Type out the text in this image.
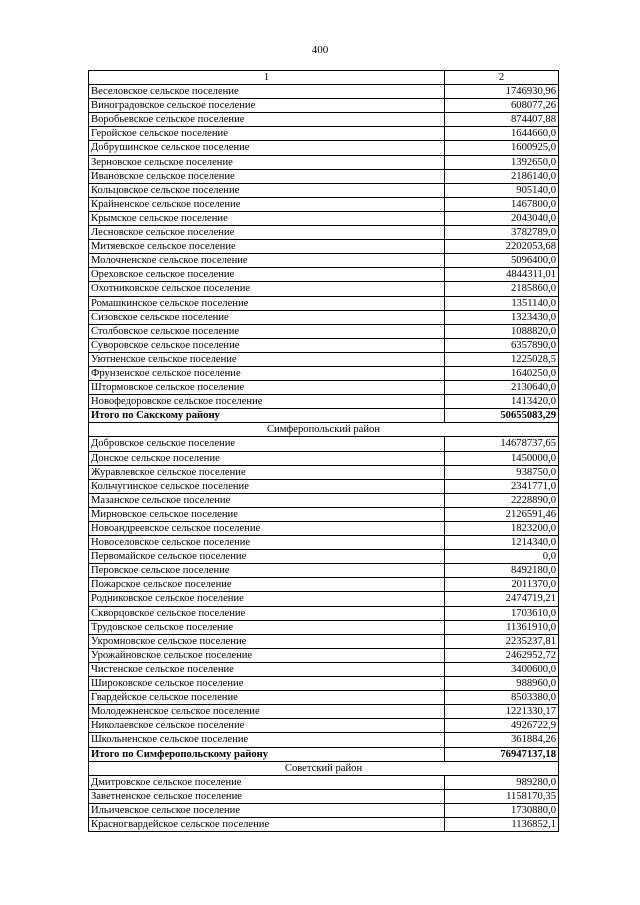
400
1	2
Веселовское сельское поселение	1746930,96
Виноградовское сельское поселение	608077,26
Воробьевское сельское поселение	874407,88
Геройское сельское поселение	1644660,0
Добрушинское сельское поселение	1600925,0
Зерновское сельское поселение	1392650,0
Ивановское сельское поселение	2186140,0
Кольцовское сельское поселение	905140,0
Крайненское сельское поселение	1467800,0
Крымское сельское поселение	2043040,0
Лесновское сельское поселение	3782789,0
Митяевское сельское поселение	2202053,68
Молочненское сельское поселение	5096400,0
Ореховское сельское поселение	4844311,01
Охотниковское сельское поселение	2185860,0
Ромашкинское сельское поселение	1351140,0
Сизовское сельское поселение	1323430,0
Столбовское сельское поселение	1088820,0
Суворовское сельское поселение	6357890,0
Уютненское сельское поселение	1225028,5
Фрунзенское сельское поселение	1640250,0
Штормовское сельское поселение	2130640,0
Новофедоровское сельское поселение	1413420,0
Итого по Сакскому району	50655083,29
Симферопольский район	
Добровское сельское поселение	14678737,65
Донское сельское поселение	1450000,0
Журавлевское сельское поселение	938750,0
Кольчугинское сельское поселение	2341771,0
Мазанское сельское поселение	2228890,0
Мирновское сельское поселение	2126591,46
Новоандреевское сельское поселение	1823200,0
Новоселовское сельское поселение	1214340,0
Первомайское сельское поселение	0,0
Перовское сельское поселение	8492180,0
Пожарское сельское поселение	2011370,0
Родниковское сельское поселение	2474719,21
Скворцовское сельское поселение	1703610,0
Трудовское сельское поселение	11361910,0
Укромновское сельское поселение	2235237,81
Урожайновское сельское поселение	2462952,72
Чистенское сельское поселение	3400600,0
Широковское сельское поселение	988960,0
Гвардейское сельское поселение	8503380,0
Молодежненское сельское поселение	1221330,17
Николаевское сельское поселение	4926722,9
Школьненское сельское поселение	361884,26
Итого по Симферопольскому району	76947137,18
Советский район	
Дмитровское сельское поселение	989280,0
Заветненское сельское поселение	1158170,35
Ильичевское сельское поселение	1730880,0
Красногвардейское сельское поселение	1136852,1
